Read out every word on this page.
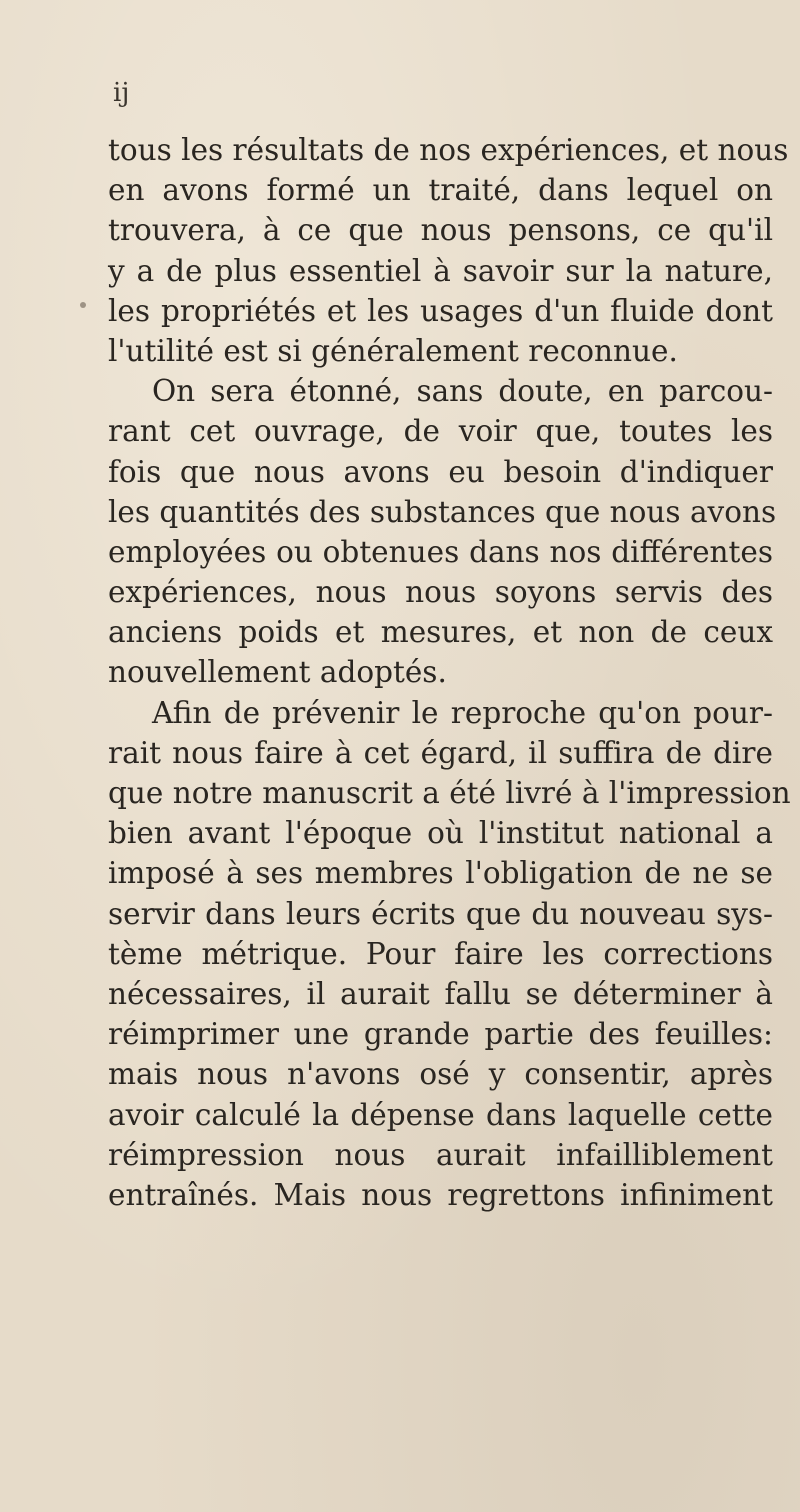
ij
tous les résultats de nos expériences, et nous
en avons formé un traité, dans lequel on
trouvera, à ce que nous pensons, ce qu'il
y a de plus essentiel à savoir sur la nature,
les propriétés et les usages d'un fluide dont
l'utilité est si généralement reconnue.
On sera étonné, sans doute, en parcou-
rant cet ouvrage, de voir que, toutes les
fois que nous avons eu besoin d'indiquer
les quantités des substances que nous avons
employées ou obtenues dans nos différentes
expériences, nous nous soyons servis des
anciens poids et mesures, et non de ceux
nouvellement adoptés.
Afin de prévenir le reproche qu'on pour-
rait nous faire à cet égard, il suffira de dire
que notre manuscrit a été livré à l'impression
bien avant l'époque où l'institut national a
imposé à ses membres l'obligation de ne se
servir dans leurs écrits que du nouveau sys-
tème métrique. Pour faire les corrections
nécessaires, il aurait fallu se déterminer à
réimprimer une grande partie des feuilles:
mais nous n'avons osé y consentir, après
avoir calculé la dépense dans laquelle cette
réimpression nous aurait infailliblement
entraînés. Mais nous regrettons infiniment
